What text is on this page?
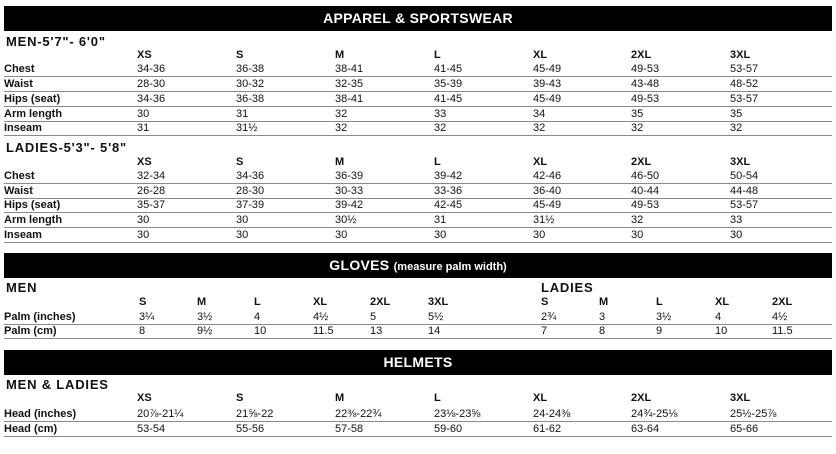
APPAREL & SPORTSWEAR
MEN-5'7"- 6'0"
LADIES-5'3"- 5'8"
GLOVES (measure palm width)
MEN	LADIES
HELMETS
MEN & LADIES
XS	S	M	L	XL	2XL	3XL
Chest	34-36	36-38	38-41	41-45	45-49	49-53	53-57
Waist	28-30	30-32	32-35	35-39	39-43	43-48	48-52
Hips (seat)	34-36	36-38	38-41	41-45	45-49	49-53	53-57
Arm length	30	31	32	33	34	35	35
Inseam	31	31½	32	32	32	32	32
XS	S	M	L	XL	2XL	3XL
Chest	32-34	34-36	36-39	39-42	42-46	46-50	50-54
Waist	26-28	28-30	30-33	33-36	36-40	40-44	44-48
Hips (seat)	35-37	37-39	39-42	42-45	45-49	49-53	53-57
Arm length	30	30	30½	31	31½	32	33
Inseam	30	30	30	30	30	30	30
S	M	L	XL	2XL	3XL	S	M	L	XL	2XL
Palm (inches)	3¼	3½	4	4½	5	5½	2¾	3	3½	4	4½
Palm (cm)	8	9½	10	11.5	13	14	7	8	9	10	11.5
XS	S	M	L	XL	2XL	3XL
Head (inches)	20⅞-21¼	21⅝-22	22⅜-22¾	23⅛-23⅝	24-24⅜	24¾-25⅛	25½-25⅞
Head (cm)	53-54	55-56	57-58	59-60	61-62	63-64	65-66
